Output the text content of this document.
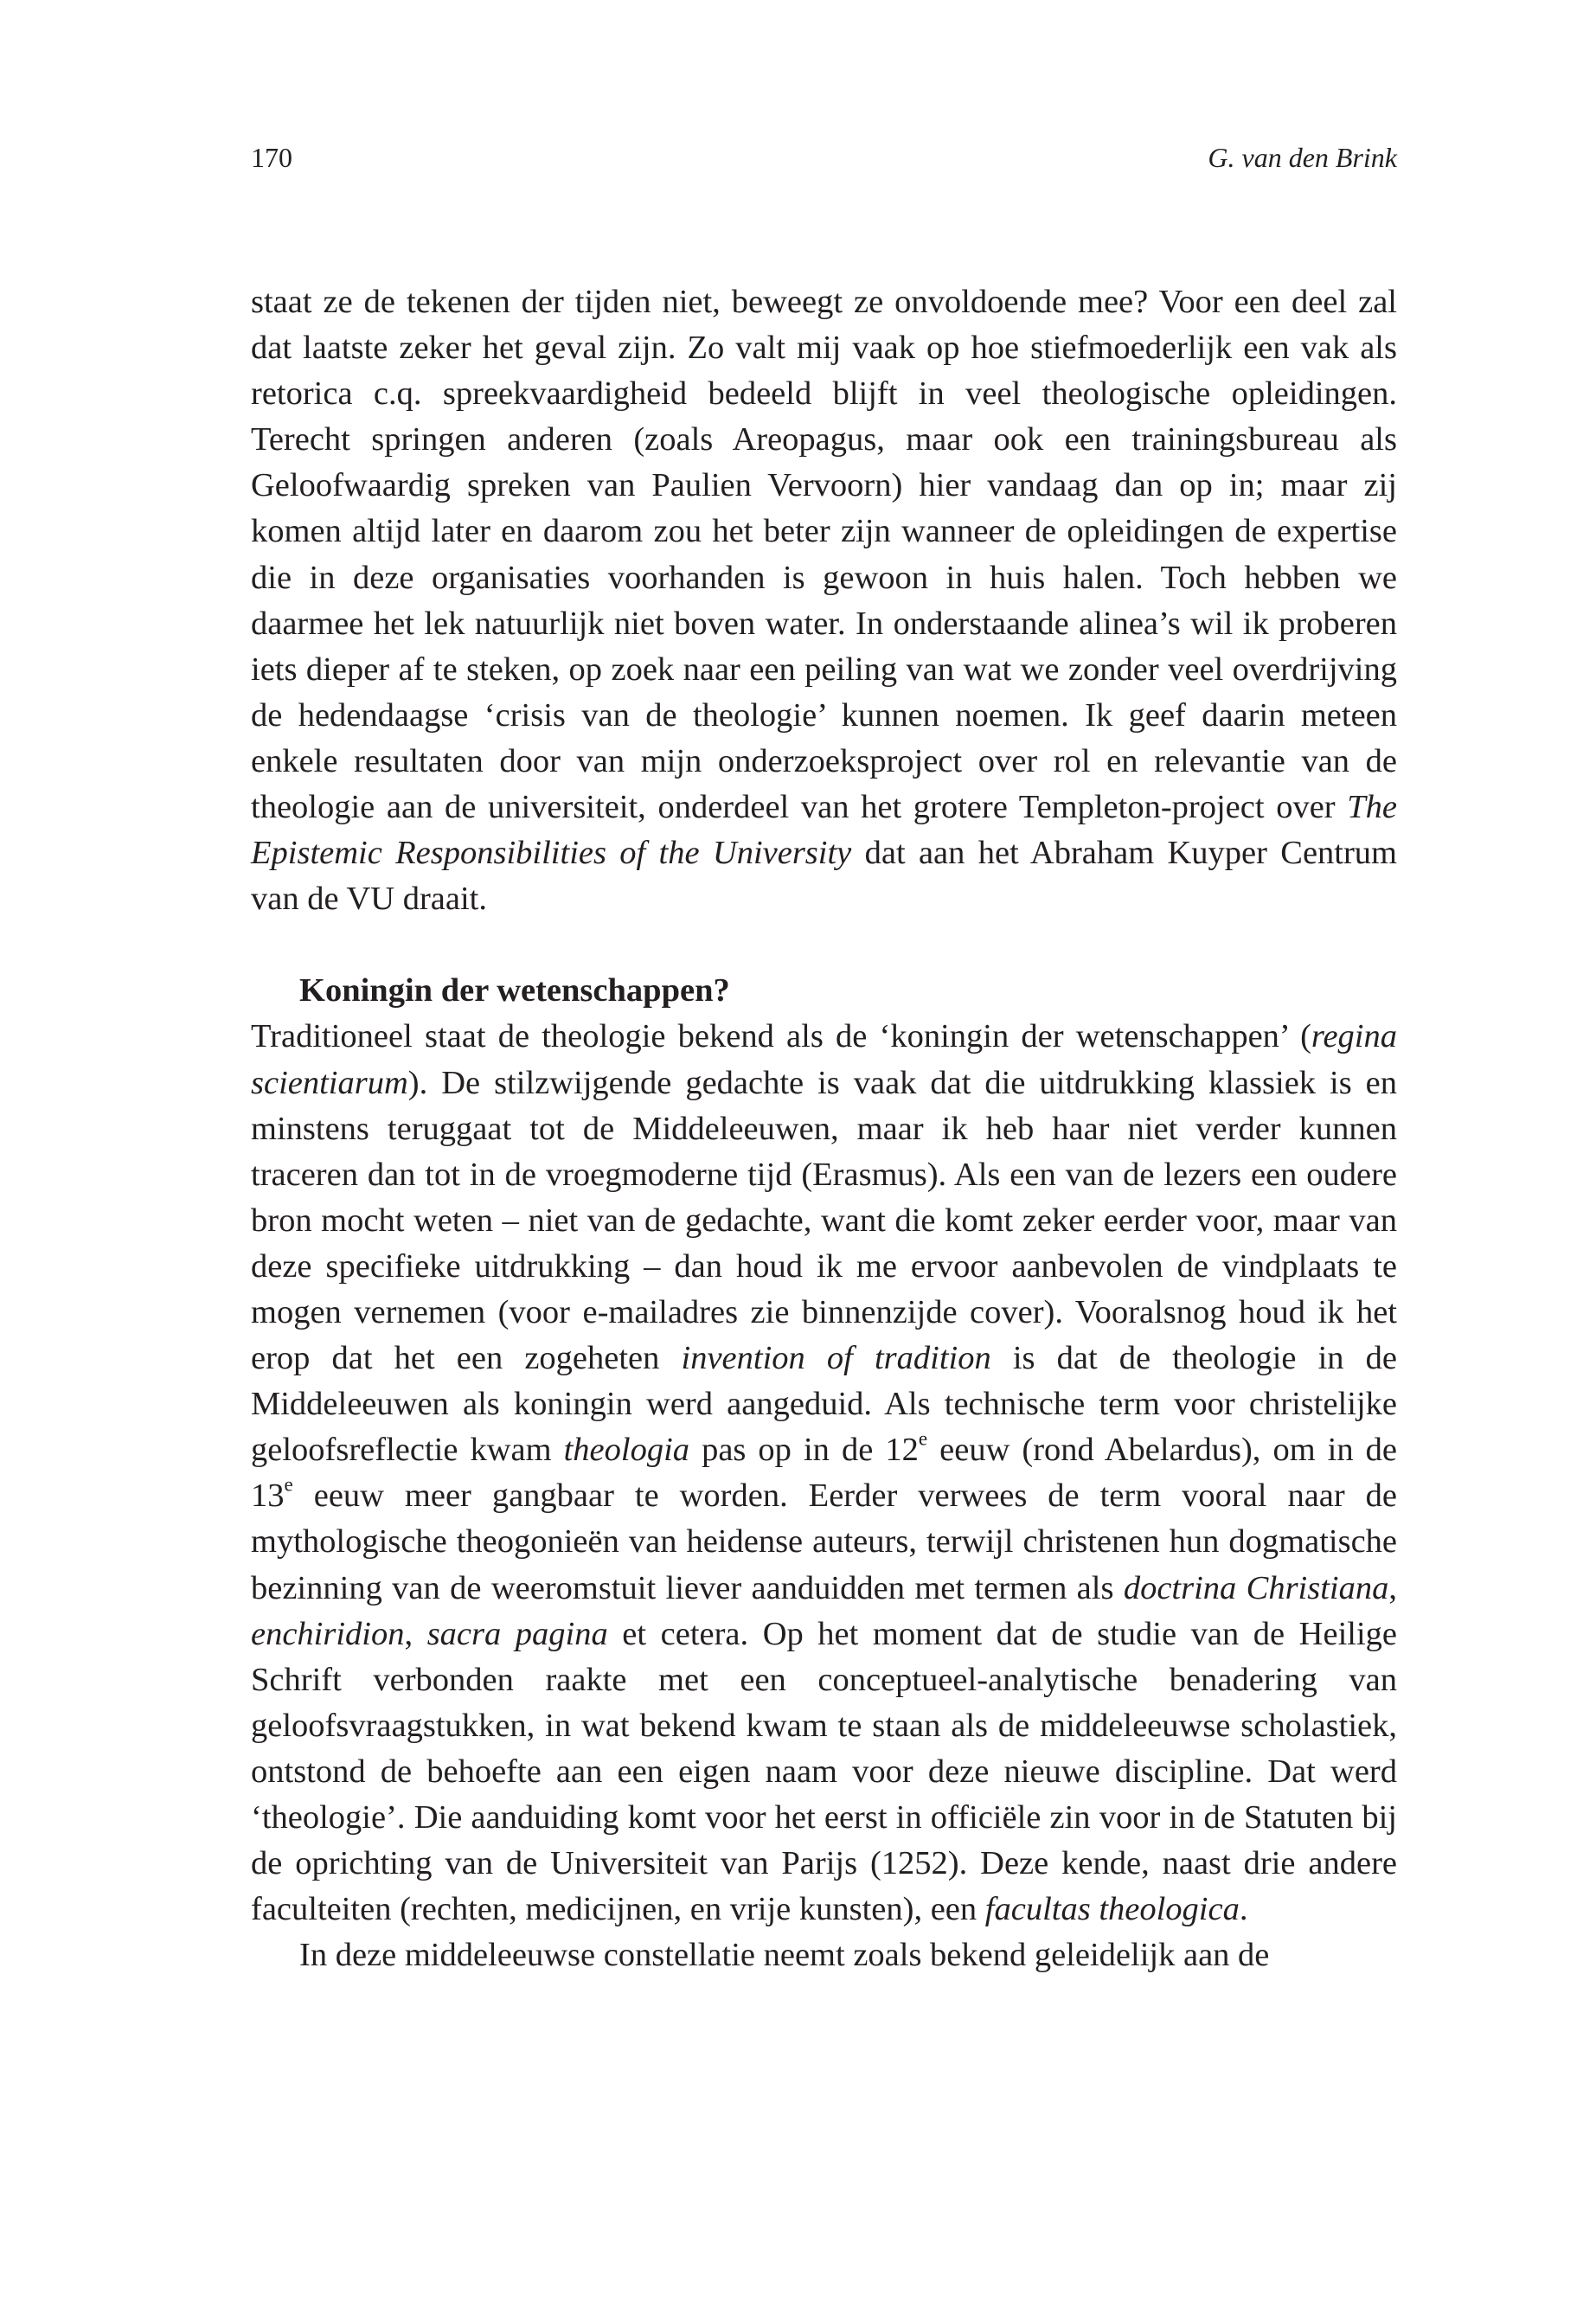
170	G. van den Brink

staat ze de tekenen der tijden niet, beweegt ze onvoldoende mee? Voor een deel zal dat laatste zeker het geval zijn. Zo valt mij vaak op hoe stiefmoederlijk een vak als retorica c.q. spreekvaardigheid bedeeld blijft in veel theologische opleidingen. Terecht springen anderen (zoals Areopagus, maar ook een trainingsbureau als Geloofwaardig spreken van Paulien Vervoorn) hier vandaag dan op in; maar zij komen altijd later en daarom zou het beter zijn wanneer de opleidingen de expertise die in deze organisaties voorhanden is gewoon in huis halen. Toch hebben we daarmee het lek natuurlijk niet boven water. In onderstaande alinea’s wil ik proberen iets dieper af te steken, op zoek naar een peiling van wat we zonder veel overdrijving de hedendaagse ‘crisis van de theologie’ kunnen noemen. Ik geef daarin meteen enkele resultaten door van mijn onderzoeksproject over rol en relevantie van de theologie aan de universiteit, onderdeel van het grotere Templeton-project over The Epistemic Responsibilities of the University dat aan het Abraham Kuyper Centrum van de VU draait.

Koningin der wetenschappen?

Traditioneel staat de theologie bekend als de ‘koningin der wetenschappen’ (regina scientiarum). De stilzwijgende gedachte is vaak dat die uitdrukking klassiek is en minstens teruggaat tot de Middeleeuwen, maar ik heb haar niet verder kunnen traceren dan tot in de vroegmoderne tijd (Erasmus). Als een van de lezers een oudere bron mocht weten – niet van de gedachte, want die komt zeker eerder voor, maar van deze specifieke uitdrukking – dan houd ik me ervoor aanbevolen de vindplaats te mogen vernemen (voor e-mailadres zie binnenzijde cover). Vooralsnog houd ik het erop dat het een zogeheten invention of tradition is dat de theologie in de Middeleeuwen als koningin werd aangeduid. Als technische term voor christelijke geloofsreflectie kwam theologia pas op in de 12e eeuw (rond Abelardus), om in de 13e eeuw meer gangbaar te worden. Eerder verwees de term vooral naar de mythologische theogonieën van heidense auteurs, terwijl christenen hun dogmatische bezinning van de weeromstuit liever aanduidden met termen als doctrina Christiana, enchiridion, sacra pagina et cetera. Op het moment dat de studie van de Heilige Schrift verbonden raakte met een conceptueel-analytische benadering van geloofsvraagstukken, in wat bekend kwam te staan als de middeleeuwse scholastiek, ontstond de behoefte aan een eigen naam voor deze nieuwe discipline. Dat werd ‘theologie’. Die aanduiding komt voor het eerst in officiële zin voor in de Statuten bij de oprichting van de Universiteit van Parijs (1252). Deze kende, naast drie andere faculteiten (rechten, medicijnen, en vrije kunsten), een facultas theologica.

In deze middeleeuwse constellatie neemt zoals bekend geleidelijk aan de
